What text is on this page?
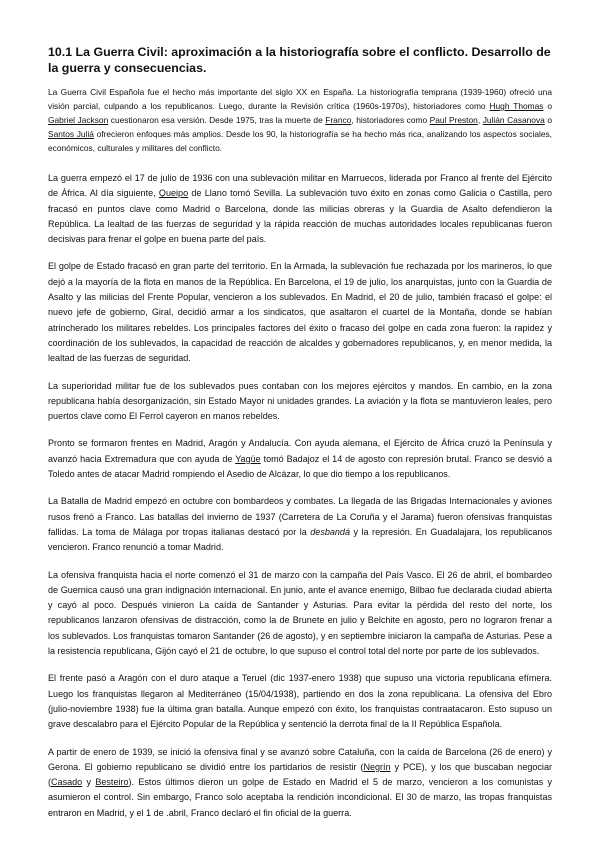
10.1 La Guerra Civil: aproximación a la historiografía sobre el conflicto. Desarrollo de la guerra y consecuencias.

La Guerra Civil Española fue el hecho más importante del siglo XX en España. La historiografía temprana (1939-1960) ofreció una visión parcial, culpando a los republicanos. Luego, durante la Revisión crítica (1960s-1970s), historiadores como Hugh Thomas o Gabriel Jackson cuestionaron esa versión. Desde 1975, tras la muerte de Franco, historiadores como Paul Preston, Julián Casanova o Santos Juliá ofrecieron enfoques más amplios. Desde los 90, la historiografía se ha hecho más rica, analizando los aspectos sociales, económicos, culturales y militares del conflicto.

La guerra empezó el 17 de julio de 1936 con una sublevación militar en Marruecos, liderada por Franco al frente del Ejército de África. Al día siguiente, Queipo de Llano tomó Sevilla. La sublevación tuvo éxito en zonas como Galicia o Castilla, pero fracasó en puntos clave como Madrid o Barcelona, donde las milicias obreras y la Guardia de Asalto defendieron la República. La lealtad de las fuerzas de seguridad y la rápida reacción de muchas autoridades locales republicanas fueron decisivas para frenar el golpe en buena parte del país.

El golpe de Estado fracasó en gran parte del territorio. En la Armada, la sublevación fue rechazada por los marineros, lo que dejó a la mayoría de la flota en manos de la República. En Barcelona, el 19 de julio, los anarquistas, junto con la Guardia de Asalto y las milicias del Frente Popular, vencieron a los sublevados. En Madrid, el 20 de julio, también fracasó el golpe: el nuevo jefe de gobierno, Giral, decidió armar a los sindicatos, que asaltaron el cuartel de la Montaña, donde se habían atrincherado los militares rebeldes. Los principales factores del éxito o fracaso del golpe en cada zona fueron: la rapidez y coordinación de los sublevados, la capacidad de reacción de alcaldes y gobernadores republicanos, y, en menor medida, la lealtad de las fuerzas de seguridad.

La superioridad militar fue de los sublevados pues contaban con los mejores ejércitos y mandos. En cambio, en la zona republicana había desorganización, sin Estado Mayor ni unidades grandes. La aviación y la flota se mantuvieron leales, pero puertos clave como El Ferrol cayeron en manos rebeldes.

Pronto se formaron frentes en Madrid, Aragón y Andalucía. Con ayuda alemana, el Ejército de África cruzó la Península y avanzó hacia Extremadura que con ayuda de Yagüe tomó Badajoz el 14 de agosto con represión brutal. Franco se desvió a Toledo antes de atacar Madrid rompiendo el Asedio de Alcázar, lo que dio tiempo a los republicanos.

La Batalla de Madrid empezó en octubre con bombardeos y combates. La llegada de las Brigadas Internacionales y aviones rusos frenó a Franco. Las batallas del invierno de 1937 (Carretera de La Coruña y el Jarama) fueron ofensivas franquistas fallidas. La toma de Málaga por tropas italianas destacó por la desbandá y la represión. En Guadalajara, los republicanos vencieron. Franco renunció a tomar Madrid.

La ofensiva franquista hacia el norte comenzó el 31 de marzo con la campaña del País Vasco. El 26 de abril, el bombardeo de Guernica causó una gran indignación internacional. En junio, ante el avance enemigo, Bilbao fue declarada ciudad abierta y cayó al poco. Después vinieron La caída de Santander y Asturias. Para evitar la pérdida del resto del norte, los republicanos lanzaron ofensivas de distracción, como la de Brunete en julio y Belchite en agosto, pero no lograron frenar a los sublevados. Los franquistas tomaron Santander (26 de agosto), y en septiembre iniciaron la campaña de Asturias. Pese a la resistencia republicana, Gijón cayó el 21 de octubre, lo que supuso el control total del norte por parte de los sublevados.

El frente pasó a Aragón con el duro ataque a Teruel (dic 1937-enero 1938) que supuso una victoria republicana efímera. Luego los franquistas llegaron al Mediterráneo (15/04/1938), partiendo en dos la zona republicana. La ofensiva del Ebro (julio-noviembre 1938) fue la última gran batalla. Aunque empezó con éxito, los franquistas contraatacaron. Esto supuso un grave descalabro para el Ejército Popular de la República y sentenció la derrota final de la II República Española.

A partir de enero de 1939, se inició la ofensiva final y se avanzó sobre Cataluña, con la caída de Barcelona (26 de enero) y Gerona. El gobierno republicano se dividió entre los partidarios de resistir (Negrín y PCE), y los que buscaban negociar (Casado y Besteiro). Estos últimos dieron un golpe de Estado en Madrid el 5 de marzo, vencieron a los comunistas y asumieron el control. Sin embargo, Franco solo aceptaba la rendición incondicional. El 30 de marzo, las tropas franquistas entraron en Madrid, y el 1 de .abril, Franco declaró el fin oficial de la guerra.
